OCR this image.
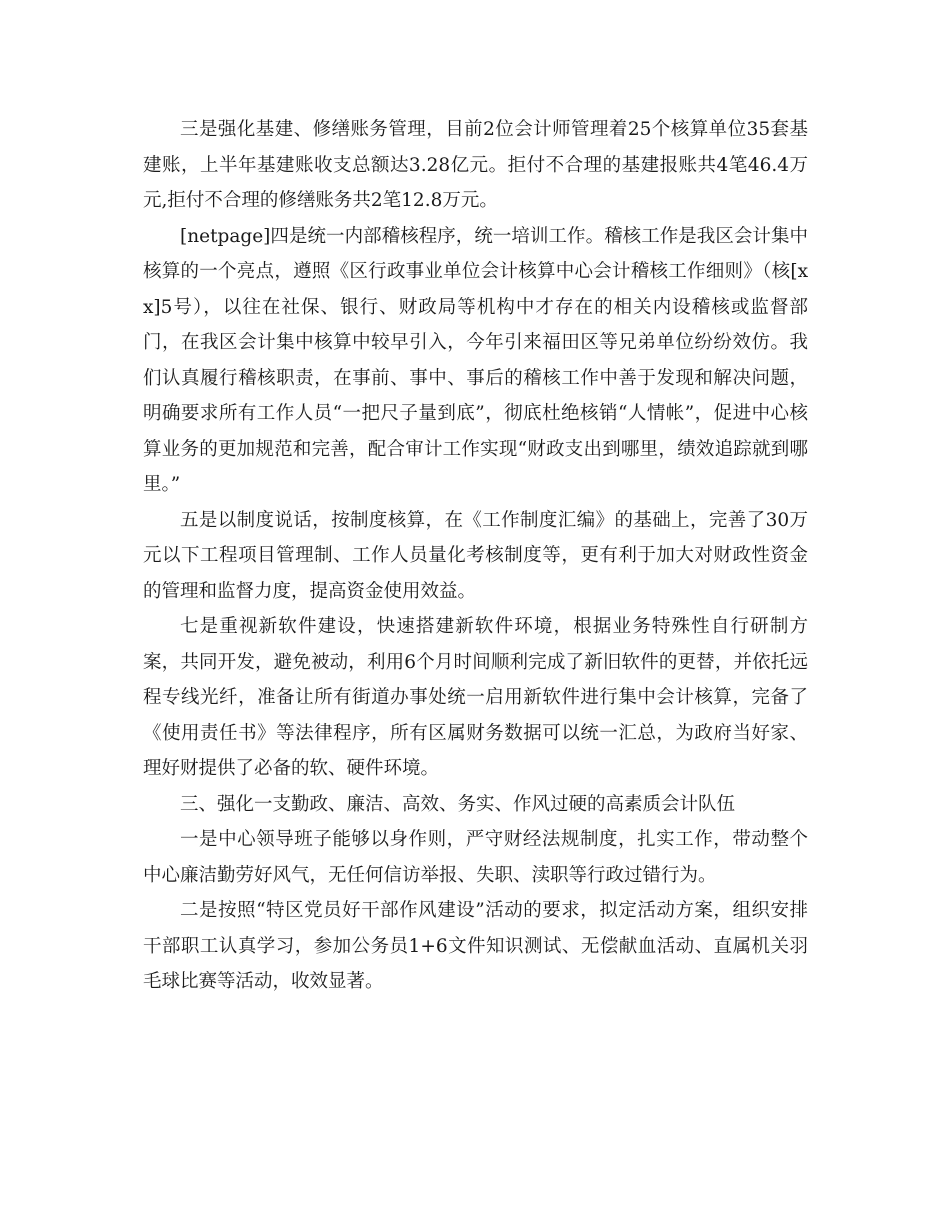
三是强化基建、修缮账务管理，目前2位会计师管理着25个核算单位35套基建账，上半年基建账收支总额达3.28亿元。拒付不合理的基建报账共4笔46.4万元,拒付不合理的修缮账务共2笔12.8万元。

[netpage]四是统一内部稽核程序，统一培训工作。稽核工作是我区会计集中核算的一个亮点，遵照《区行政事业单位会计核算中心会计稽核工作细则》（核[xx]5号），以往在社保、银行、财政局等机构中才存在的相关内设稽核或监督部门，在我区会计集中核算中较早引入，今年引来福田区等兄弟单位纷纷效仿。我们认真履行稽核职责，在事前、事中、事后的稽核工作中善于发现和解决问题，明确要求所有工作人员“一把尺子量到底”，彻底杜绝核销“人情帐”，促进中心核算业务的更加规范和完善，配合审计工作实现“财政支出到哪里，绩效追踪就到哪里。”

五是以制度说话，按制度核算，在《工作制度汇编》的基础上，完善了30万元以下工程项目管理制、工作人员量化考核制度等，更有利于加大对财政性资金的管理和监督力度，提高资金使用效益。

七是重视新软件建设，快速搭建新软件环境，根据业务特殊性自行研制方案，共同开发，避免被动，利用6个月时间顺利完成了新旧软件的更替，并依托远程专线光纤，准备让所有街道办事处统一启用新软件进行集中会计核算，完备了《使用责任书》等法律程序，所有区属财务数据可以统一汇总，为政府当好家、理好财提供了必备的软、硬件环境。

三、强化一支勤政、廉洁、高效、务实、作风过硬的高素质会计队伍

一是中心领导班子能够以身作则，严守财经法规制度，扎实工作，带动整个中心廉洁勤劳好风气，无任何信访举报、失职、渎职等行政过错行为。

二是按照“特区党员好干部作风建设”活动的要求，拟定活动方案，组织安排干部职工认真学习，参加公务员1+6文件知识测试、无偿献血活动、直属机关羽毛球比赛等活动，收效显著。
